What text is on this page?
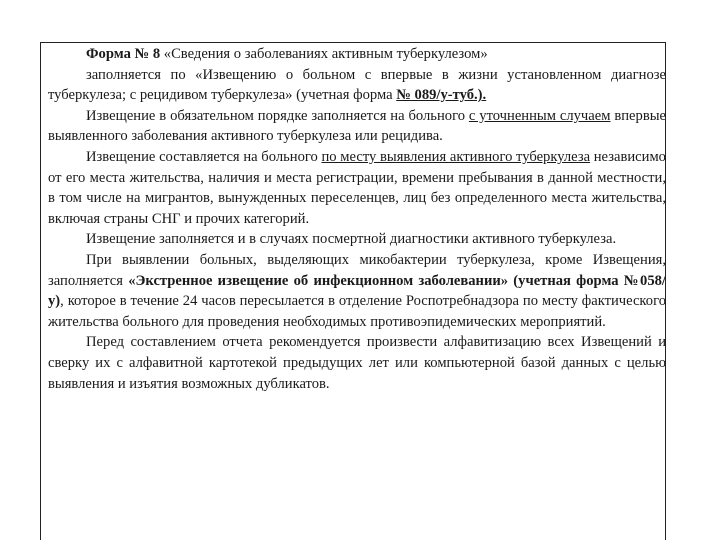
Форма № 8 «Сведения о заболеваниях активным туберкулезом»

заполняется по «Извещению о больном с впервые в жизни установленном диагнозе туберкулеза; с рецидивом туберкулеза» (учетная форма № 089/у-туб.).

Извещение в обязательном порядке заполняется на больного с уточненным случаем впервые выявленного заболевания активного туберкулеза или рецидива.

Извещение составляется на больного по месту выявления активного туберкулеза независимо от его места жительства, наличия и места регистрации, времени пребывания в данной местности, в том числе на мигрантов, вынужденных переселенцев, лиц без определенного места жительства, включая страны СНГ и прочих категорий.

Извещение заполняется и в случаях посмертной диагностики активного туберкулеза.

При выявлении больных, выделяющих микобактерии туберкулеза, кроме Извещения, заполняется «Экстренное извещение об инфекционном заболевании» (учетная форма №058/у), которое в течение 24 часов пересылается в отделение Роспотребнадзора по месту фактического жительства больного для проведения необходимых противоэпидемических мероприятий.

Перед составлением отчета рекомендуется произвести алфавитизацию всех Извещений и сверку их с алфавитной картотекой предыдущих лет или компьютерной базой данных с целью выявления и изъятия возможных дубликатов.
